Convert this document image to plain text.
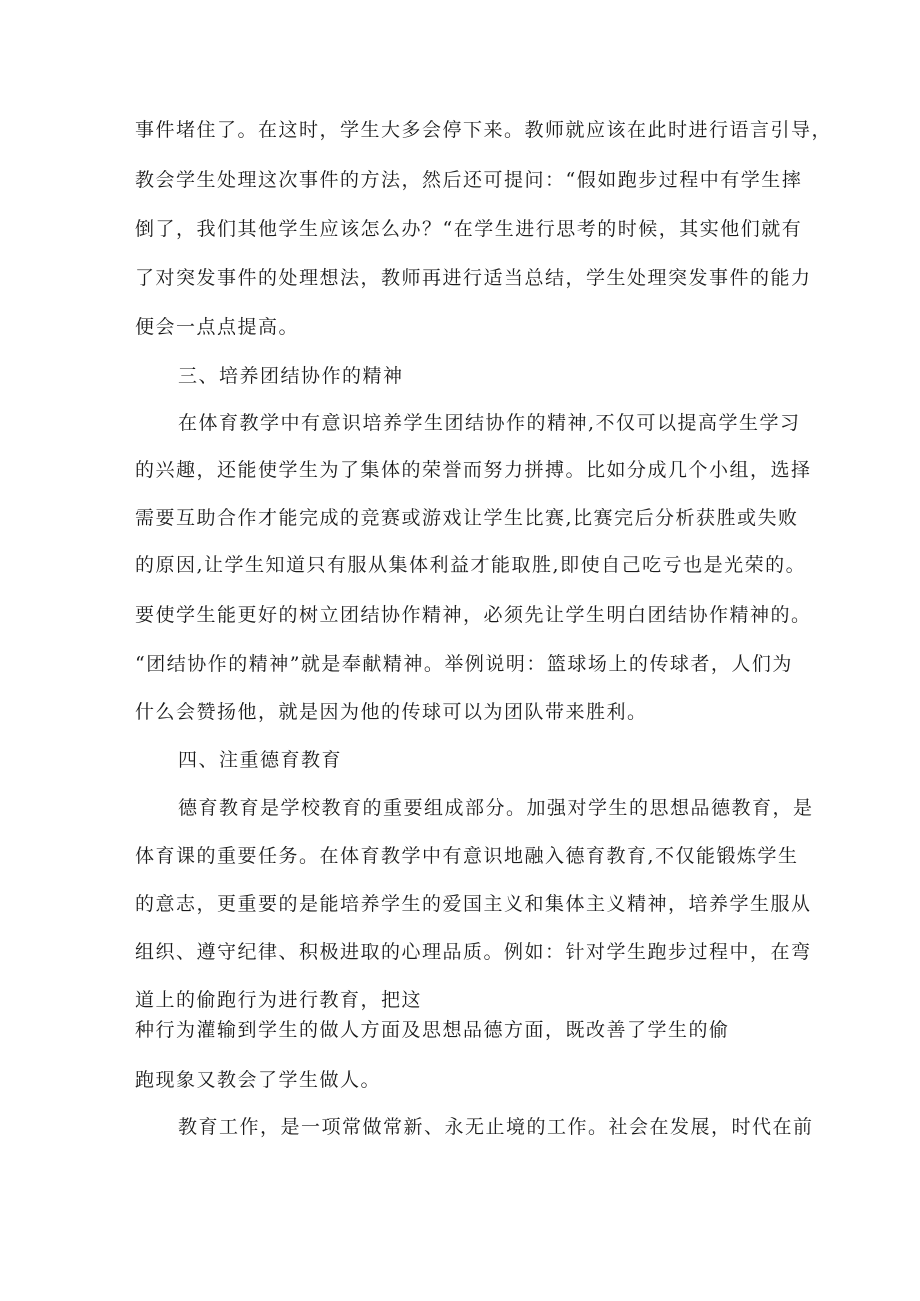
事件堵住了。在这时，学生大多会停下来。教师就应该在此时进行语言引导，
教会学生处理这次事件的方法，然后还可提问：“假如跑步过程中有学生摔
倒了，我们其他学生应该怎么办？“在学生进行思考的时候，其实他们就有
了对突发事件的处理想法，教师再进行适当总结，学生处理突发事件的能力
便会一点点提高。
三、培养团结协作的精神
在体育教学中有意识培养学生团结协作的精神,不仅可以提高学生学习
的兴趣，还能使学生为了集体的荣誉而努力拼搏。比如分成几个小组，选择
需要互助合作才能完成的竞赛或游戏让学生比赛,比赛完后分析获胜或失败
的原因,让学生知道只有服从集体利益才能取胜,即使自己吃亏也是光荣的。
要使学生能更好的树立团结协作精神，必须先让学生明白团结协作精神的。
“团结协作的精神”就是奉献精神。举例说明：篮球场上的传球者，人们为
什么会赞扬他，就是因为他的传球可以为团队带来胜利。
四、注重德育教育
德育教育是学校教育的重要组成部分。加强对学生的思想品德教育，是
体育课的重要任务。在体育教学中有意识地融入德育教育,不仅能锻炼学生
的意志，更重要的是能培养学生的爱国主义和集体主义精神，培养学生服从
组织、遵守纪律、积极进取的心理品质。例如：针对学生跑步过程中，在弯
道上的偷跑行为进行教育，把这
种行为灌输到学生的做人方面及思想品德方面，既改善了学生的偷
跑现象又教会了学生做人。
教育工作，是一项常做常新、永无止境的工作。社会在发展，时代在前
